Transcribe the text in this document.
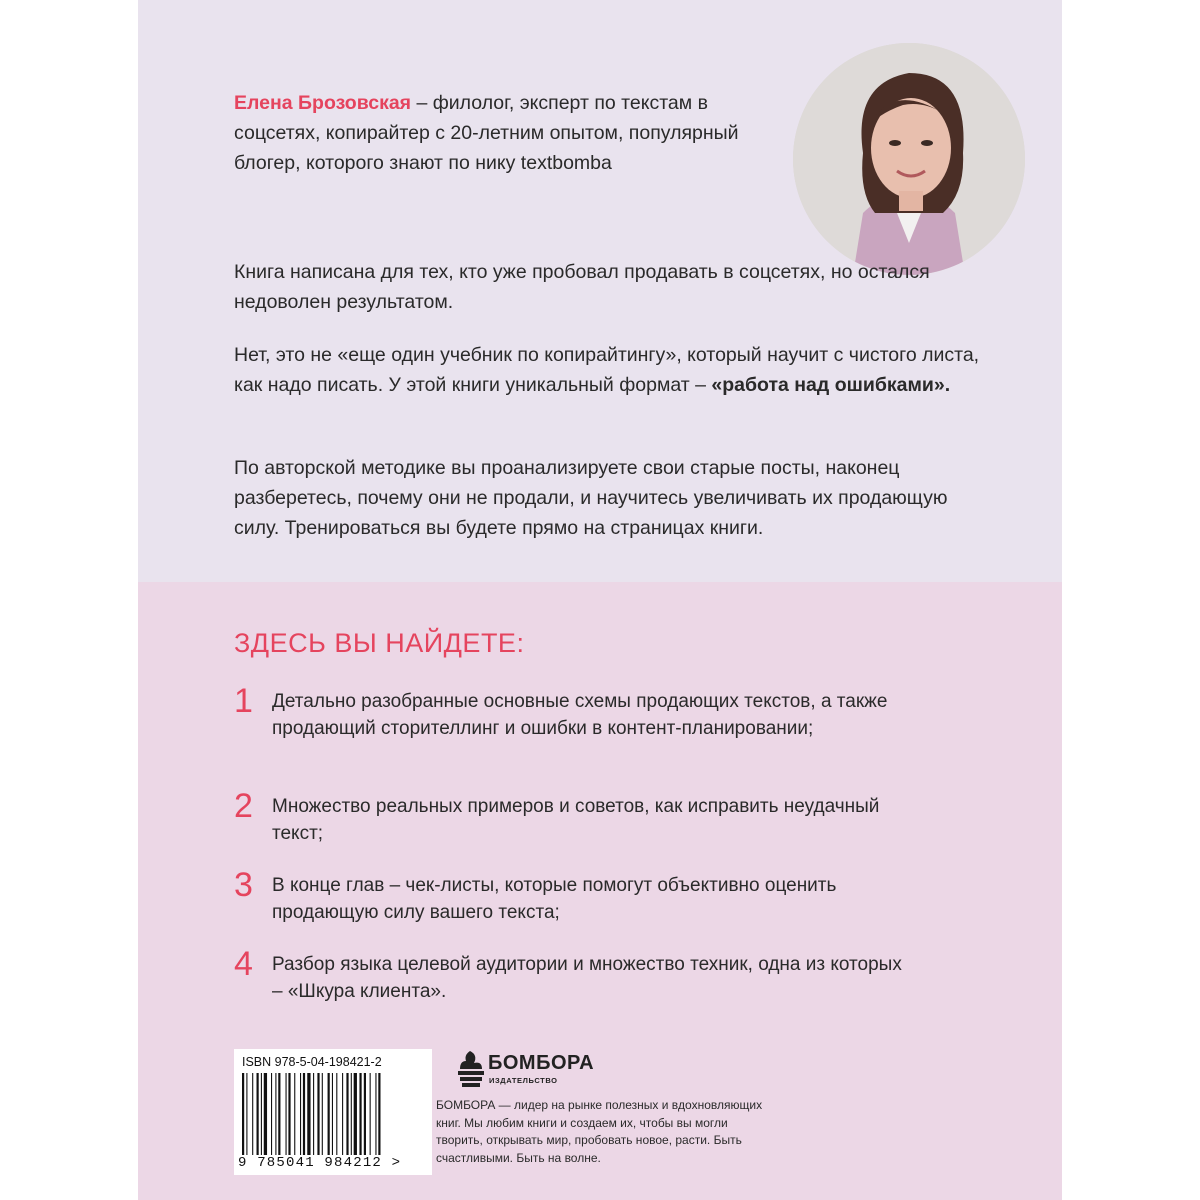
Елена Брозовская – филолог, эксперт по текстам в соцсетях, копирайтер с 20-летним опытом, популярный блогер, которого знают по нику textbomba
Книга написана для тех, кто уже пробовал продавать в соцсетях, но остался недоволен результатом.
Нет, это не «еще один учебник по копирайтингу», который научит с чистого листа, как надо писать. У этой книги уникальный формат – «работа над ошибками».
По авторской методике вы проанализируете свои старые посты, наконец разберетесь, почему они не продали, и научитесь увеличивать их продающую силу. Тренироваться вы будете прямо на страницах книги.
ЗДЕСЬ ВЫ НАЙДЕТЕ:
1 Детально разобранные основные схемы продающих текстов, а также продающий сторителлинг и ошибки в контент-планировании;
2 Множество реальных примеров и советов, как исправить неудачный текст;
3 В конце глав – чек-листы, которые помогут объективно оценить продающую силу вашего текста;
4 Разбор языка целевой аудитории и множество техник, одна из которых – «Шкура клиента».
ISBN 978-5-04-198421-2
9 785041 984212 >
БОМБОРА
ИЗДАТЕЛЬСТВО
БОМБОРА — лидер на рынке полезных и вдохновляющих книг. Мы любим книги и создаем их, чтобы вы могли творить, открывать мир, пробовать новое, расти. Быть счастливыми. Быть на волне.
